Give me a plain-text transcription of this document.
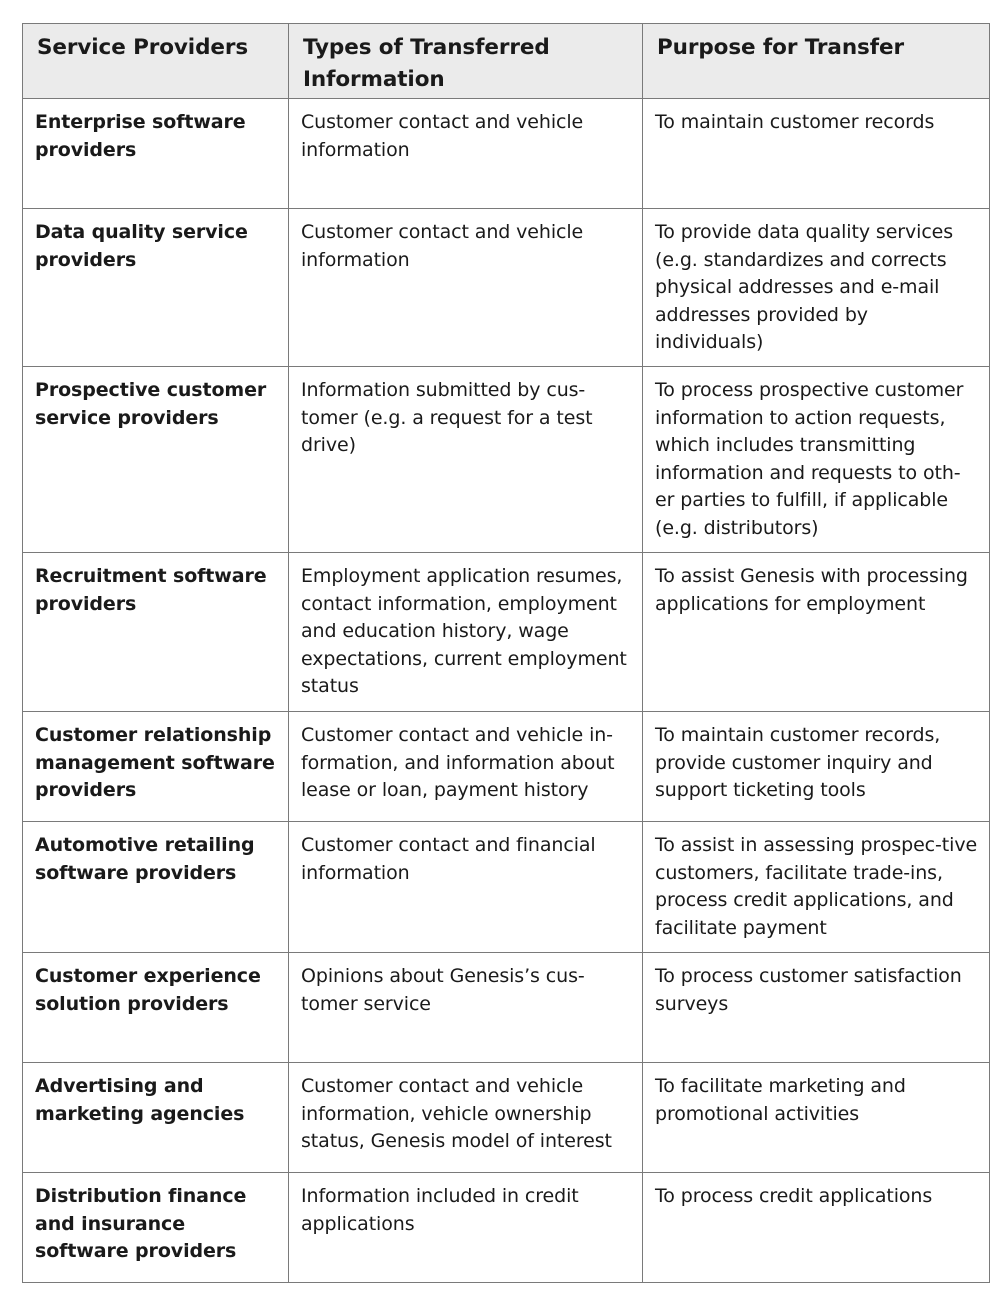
Service Providers	Types of Transferred Information	Purpose for Transfer
Enterprise software providers	Customer contact and vehicle information	To maintain customer records
Data quality service providers	Customer contact and vehicle information	To provide data quality services (e.g. standardizes and corrects physical addresses and e-mail addresses provided by individuals)
Prospective customer service providers	Information submitted by cus-tomer (e.g. a request for a test drive)	To process prospective customer information to action requests, which includes transmitting information and requests to oth-er parties to fulfill, if applicable (e.g. distributors)
Recruitment software providers	Employment application resumes, contact information, employment and education history, wage expectations, current employment status	To assist Genesis with processing applications for employment
Customer relationship management software providers	Customer contact and vehicle in-formation, and information about lease or loan, payment history	To maintain customer records, provide customer inquiry and support ticketing tools
Automotive retailing software providers	Customer contact and financial information	To assist in assessing prospec-tive customers, facilitate trade-ins, process credit applications, and facilitate payment
Customer experience solution providers	Opinions about Genesis’s cus-tomer service	To process customer satisfaction surveys
Advertising and marketing agencies	Customer contact and vehicle information, vehicle ownership status, Genesis model of interest	To facilitate marketing and promotional activities
Distribution finance and insurance software providers	Information included in credit applications	To process credit applications
